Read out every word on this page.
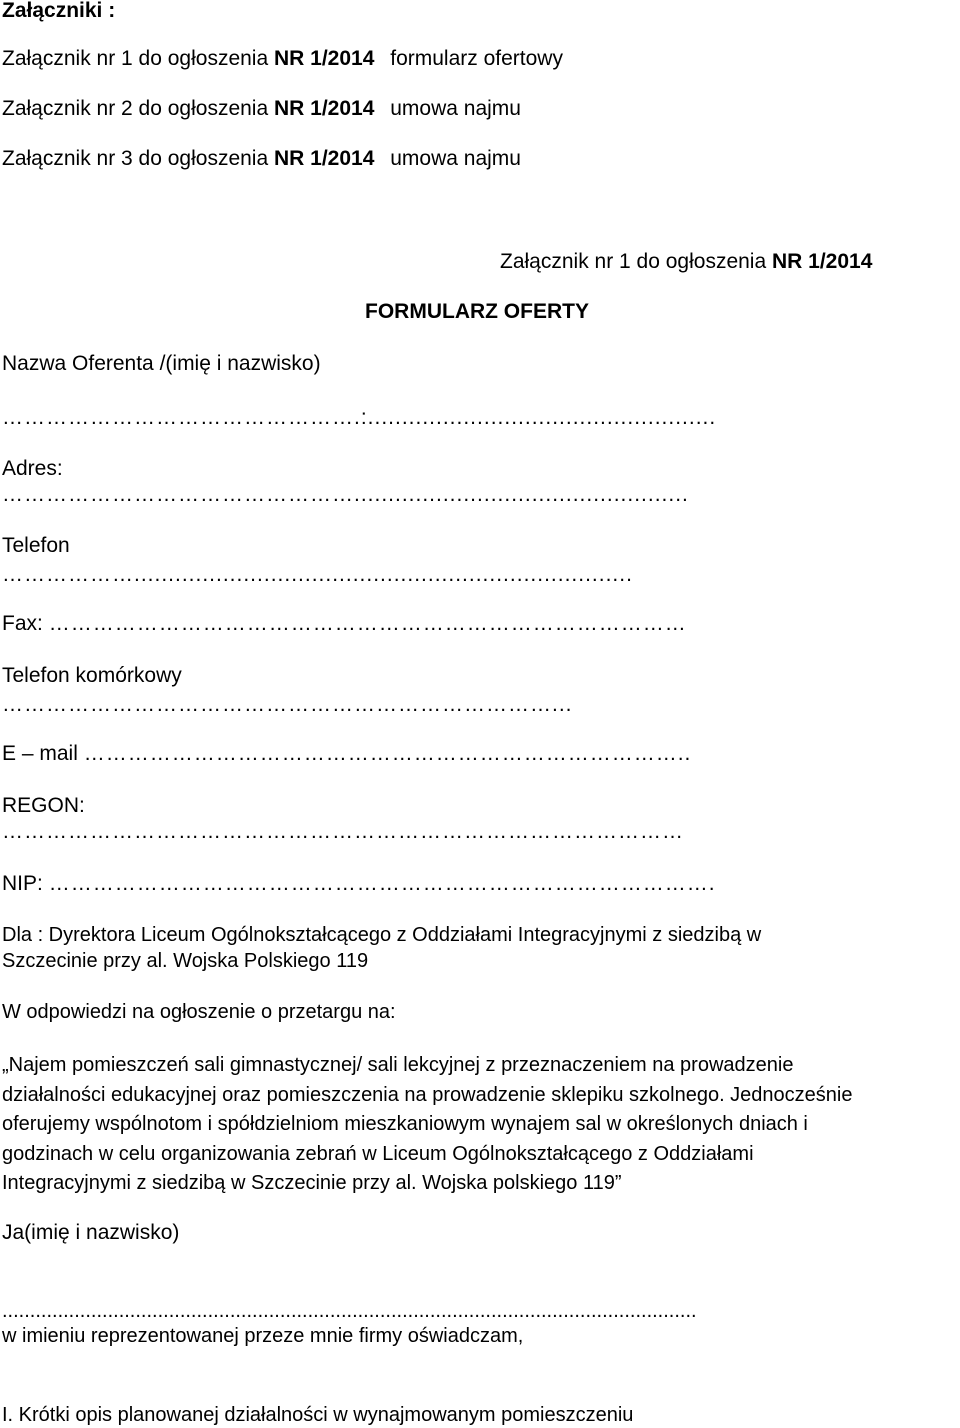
Załączniki :

Załącznik nr 1 do ogłoszenia NR 1/2014 formularz ofertowy

Załącznik nr 2 do ogłoszenia NR 1/2014 umowa najmu

Załącznik nr 3 do ogłoszenia NR 1/2014 umowa najmu

Załącznik nr 1 do ogłoszenia NR 1/2014

FORMULARZ OFERTY

Nazwa Oferenta /(imię i nazwisko)

………………………………………….:...................................................

Adres:

………………………………………….................................................

Telefon

……………….........................................................................

Fax: ……………………………………………………………………………

Telefon komórkowy

…………………………………………………………………...

E – mail ………………………………………………………………………..

REGON:

…………………………………………………………………………………

NIP: ……………………………………………………………………………….

Dla : Dyrektora Liceum Ogólnokształcącego z Oddziałami Integracyjnymi z siedzibą w

Szczecinie przy al. Wojska Polskiego 119

W odpowiedzi na ogłoszenie o przetargu na:

„Najem pomieszczeń sali gimnastycznej/ sali lekcyjnej z przeznaczeniem na prowadzenie

działalności edukacyjnej oraz pomieszczenia na prowadzenie sklepiku szkolnego. Jednocześnie

oferujemy wspólnotom i spółdzielniom mieszkaniowym wynajem sal w określonych dniach i

godzinach w celu organizowania zebrań w Liceum Ogólnokształcącego z Oddziałami

Integracyjnymi z siedzibą w Szczecinie przy al. Wojska polskiego 119”

Ja(imię i nazwisko)

.............................................................................................................................

w imieniu reprezentowanej przeze mnie firmy oświadczam,

I. Krótki opis planowanej działalności w wynajmowanym pomieszczeniu
